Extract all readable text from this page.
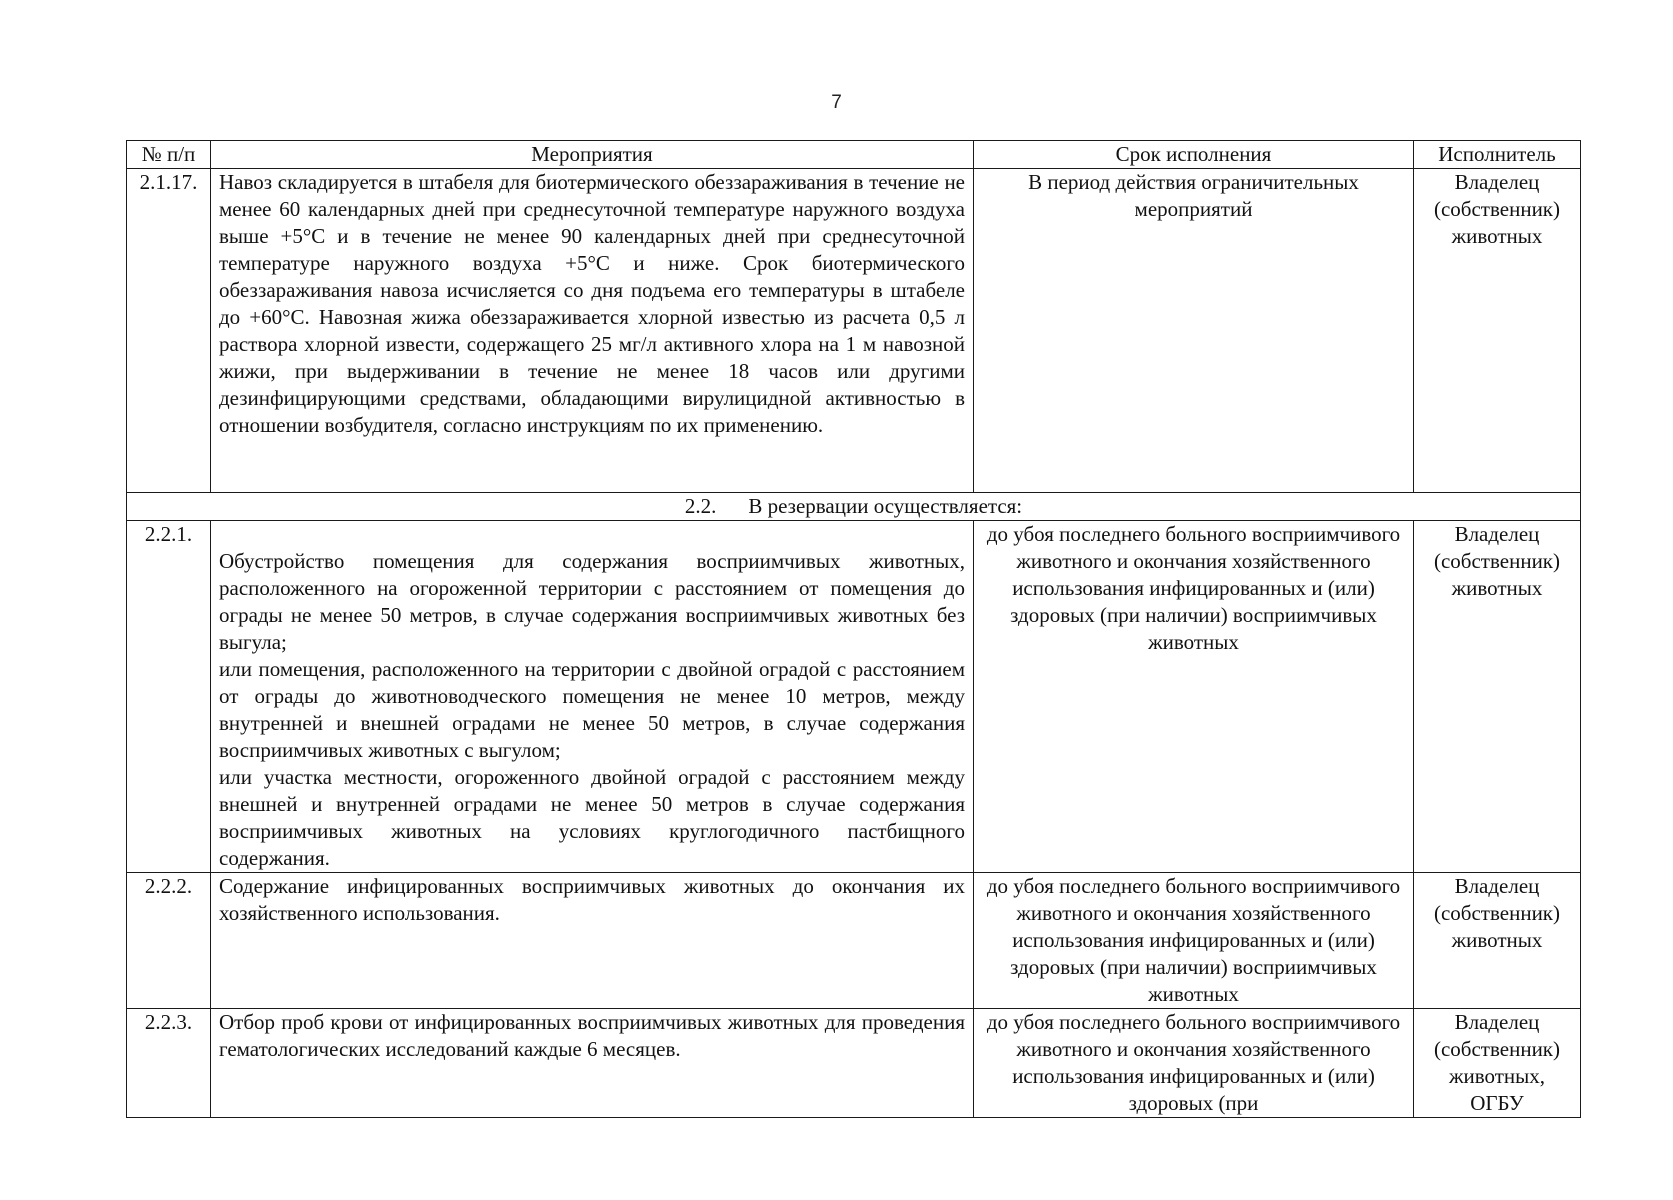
7
№ п/п	Мероприятия	Срок исполнения	Исполнитель
2.1.17.	Навоз складируется в штабеля для биотермического обеззараживания в течение не менее 60 календарных дней при среднесуточной температуре наружного воздуха выше +5°С и в течение не менее 90 календарных дней при среднесуточной температуре наружного воздуха +5°С и ниже. Срок биотермического обеззараживания навоза исчисляется со дня подъема его температуры в штабеле до +60°С. Навозная жижа обеззараживается хлорной известью из расчета 0,5 л раствора хлорной извести, содержащего 25 мг/л активного хлора на 1 м навозной жижи, при выдерживании в течение не менее 18 часов или другими дезинфицирующими средствами, обладающими вирулицидной активностью в отношении возбудителя, согласно инструкциям по их применению.	В период действия ограничительных мероприятий	Владелец (собственник) животных
2.2. В резервации осуществляется:			
2.2.1.	Обустройство помещения для содержания восприимчивых животных, расположенного на огороженной территории с расстоянием от помещения до ограды не менее 50 метров, в случае содержания восприимчивых животных без выгула;
или помещения, расположенного на территории с двойной оградой с расстоянием от ограды до животноводческого помещения не менее 10 метров, между внутренней и внешней оградами не менее 50 метров, в случае содержания восприимчивых животных с выгулом;
или участка местности, огороженного двойной оградой с расстоянием между внешней и внутренней оградами не менее 50 метров в случае содержания восприимчивых животных на условиях круглогодичного пастбищного содержания.	до убоя последнего больного восприимчивого животного и окончания хозяйственного использования инфицированных и (или) здоровых (при наличии) восприимчивых животных	Владелец (собственник) животных
2.2.2.	Содержание инфицированных восприимчивых животных до окончания их хозяйственного использования.	до убоя последнего больного восприимчивого животного и окончания хозяйственного использования инфицированных и (или) здоровых (при наличии) восприимчивых животных	Владелец (собственник) животных
2.2.3.	Отбор проб крови от инфицированных восприимчивых животных для проведения гематологических исследований каждые 6 месяцев.	до убоя последнего больного восприимчивого животного и окончания хозяйственного использования инфицированных и (или) здоровых (при	Владелец (собственник) животных, ОГБУ
